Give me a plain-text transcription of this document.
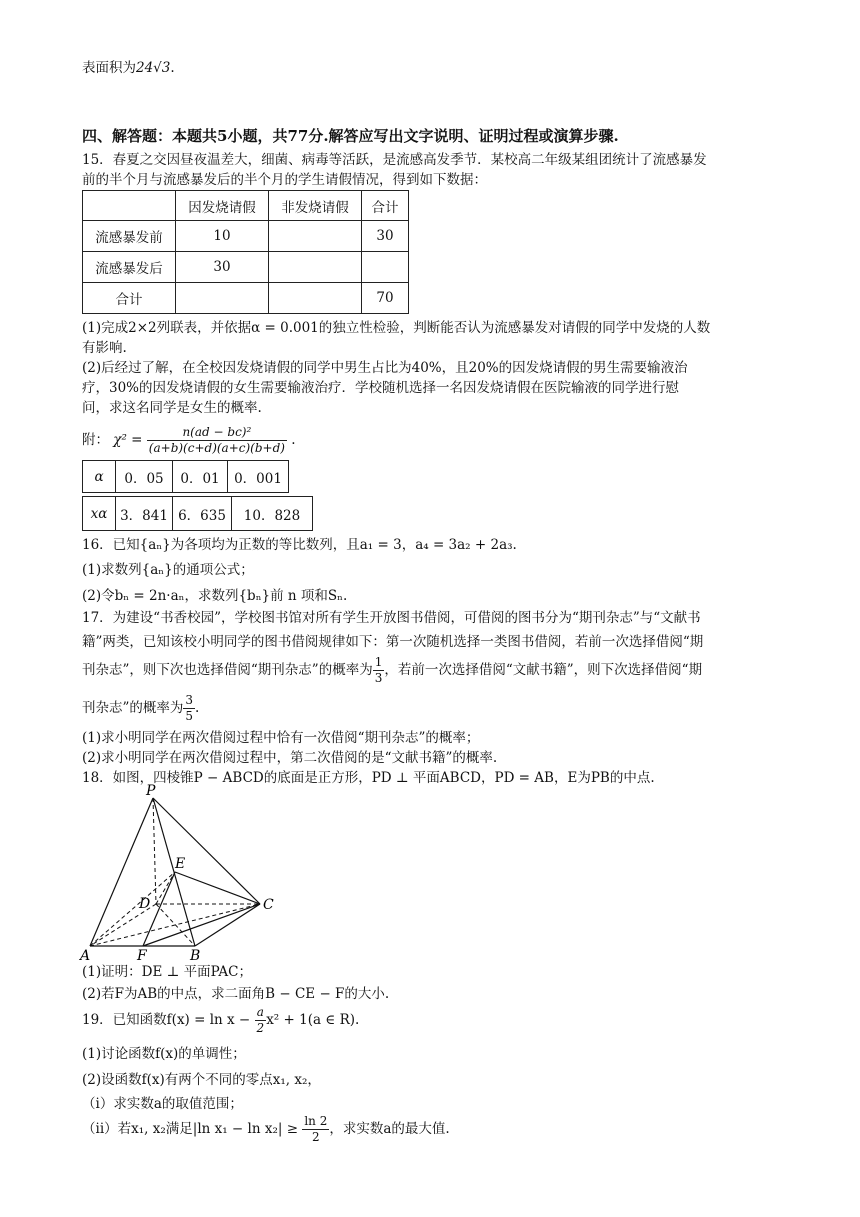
表面积为24√3.
四、解答题：本题共5小题，共77分.解答应写出文字说明、证明过程或演算步骤.
15．春夏之交因昼夜温差大，细菌、病毒等活跃，是流感高发季节．某校高二年级某组团统计了流感暴发
前的半个月与流感暴发后的半个月的学生请假情况，得到如下数据：
	因发烧请假	非发烧请假	合计
流感暴发前	10		30
流感暴发后	30		
合计			70
(1)完成2×2列联表，并依据α = 0.001的独立性检验，判断能否认为流感暴发对请假的同学中发烧的人数
有影响.
(2)后经过了解，在全校因发烧请假的同学中男生占比为40%，且20%的因发烧请假的男生需要输液治
疗，30%的因发烧请假的女生需要输液治疗．学校随机选择一名因发烧请假在医院输液的同学进行慰
问，求这名同学是女生的概率.
附： $\chi^2 = \frac{\text{n(ad − bc)²}}{(a+b)(c+d)(a+c)(b+d)}$ .
α	0．05	0．01	0．001
xα	3．841	6．635	10．828
16．已知{aₙ}为各项均为正数的等比数列，且a₁ = 3，a₄ = 3a₂ + 2a₃.
(1)求数列{aₙ}的通项公式；
(2)令bₙ = 2n·aₙ，求数列{bₙ}前 n 项和Sₙ.
17．为建设“书香校园”，学校图书馆对所有学生开放图书借阅，可借阅的图书分为“期刊杂志”与“文献书
籍”两类，已知该校小明同学的图书借阅规律如下：第一次随机选择一类图书借阅，若前一次选择借阅“期
刊杂志”，则下次也选择借阅“期刊杂志”的概率为 $\frac{1}{3}$ ，若前一次选择借阅“文献书籍”，则下次选择借阅“期
刊杂志”的概率为 $\frac{3}{5}$ .
(1)求小明同学在两次借阅过程中恰有一次借阅“期刊杂志”的概率；
(2)求小明同学在两次借阅过程中，第二次借阅的是“文献书籍”的概率.
18．如图，四棱锥P − ABCD的底面是正方形，PD ⊥ 平面ABCD，PD = AB，E为PB的中点.
P
E
D	C
A	F	B
(1)证明：DE ⊥ 平面PAC；
(2)若F为AB的中点，求二面角B − CE − F的大小.
19．已知函数$f(x) = \ln x - \frac{a}{2} x^2 + 1(a$ ∈ R).
(1)讨论函数f(x)的单调性；
(2)设函数f(x)有两个不同的零点x₁, x₂，
（i）求实数a的取值范围；
（ii）若x₁, x₂满足|ln $x_1 - \ln x_2| \ge \frac{\ln 2}{2}$ ，求实数a的最大值.
